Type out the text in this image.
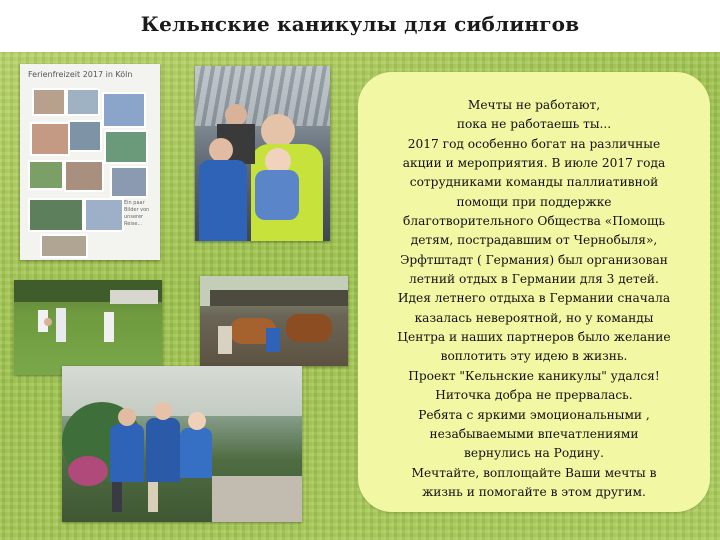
Кельнские каникулы для сиблингов
Ferienfreizeit 2017 in Köln
Ein paar Bilder von unserer Reise...
Мечты не работают,
пока не работаешь ты...
2017 год особенно богат на различные
акции и мероприятия. В июле 2017 года
сотрудниками команды паллиативной
помощи при поддержке
благотворительного Общества «Помощь
детям, пострадавшим от Чернобыля»,
Эрфтштадт ( Германия) был организован
летний отдых в Германии для 3 детей.
Идея летнего отдыха в Германии сначала
казалась невероятной, но у команды
Центра и наших партнеров было желание
воплотить эту идею в жизнь.
Проект "Кельнские каникулы" удался!
Ниточка добра не прервалась.
Ребята с яркими эмоциональными ,
незабываемыми впечатлениями
вернулись на Родину.
Мечтайте, воплощайте Ваши мечты в
жизнь и помогайте в этом другим.
